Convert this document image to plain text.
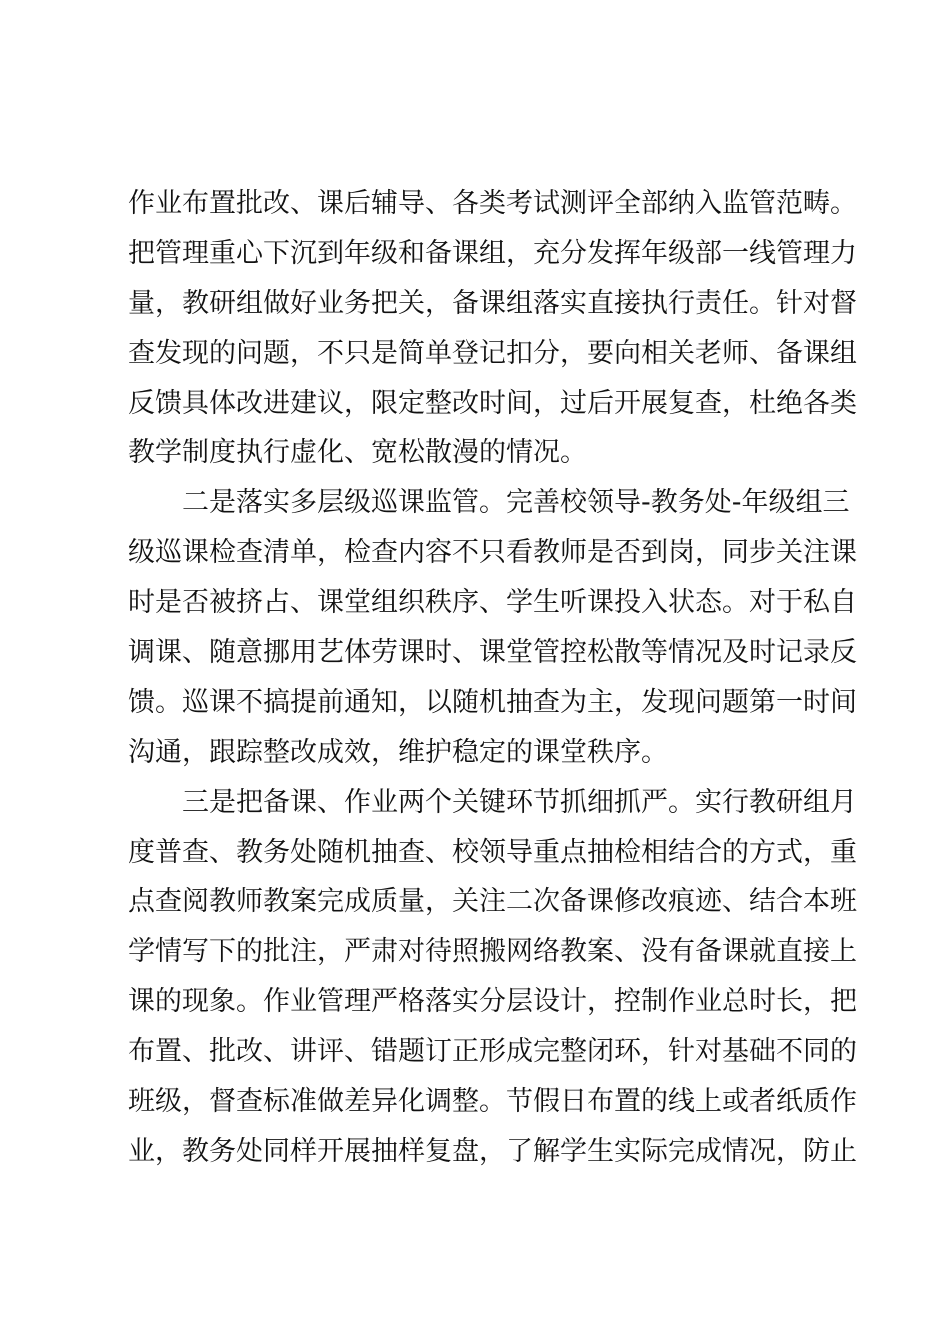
作业布置批改、课后辅导、各类考试测评全部纳入监管范畴。
把管理重心下沉到年级和备课组，充分发挥年级部一线管理力
量，教研组做好业务把关，备课组落实直接执行责任。针对督
查发现的问题，不只是简单登记扣分，要向相关老师、备课组
反馈具体改进建议，限定整改时间，过后开展复查，杜绝各类
教学制度执行虚化、宽松散漫的情况。
　　二是落实多层级巡课监管。完善校领导-教务处-年级组三
级巡课检查清单，检查内容不只看教师是否到岗，同步关注课
时是否被挤占、课堂组织秩序、学生听课投入状态。对于私自
调课、随意挪用艺体劳课时、课堂管控松散等情况及时记录反
馈。巡课不搞提前通知，以随机抽查为主，发现问题第一时间
沟通，跟踪整改成效，维护稳定的课堂秩序。
　　三是把备课、作业两个关键环节抓细抓严。实行教研组月
度普查、教务处随机抽查、校领导重点抽检相结合的方式，重
点查阅教师教案完成质量，关注二次备课修改痕迹、结合本班
学情写下的批注，严肃对待照搬网络教案、没有备课就直接上
课的现象。作业管理严格落实分层设计，控制作业总时长，把
布置、批改、讲评、错题订正形成完整闭环，针对基础不同的
班级，督查标准做差异化调整。节假日布置的线上或者纸质作
业，教务处同样开展抽样复盘，了解学生实际完成情况，防止
